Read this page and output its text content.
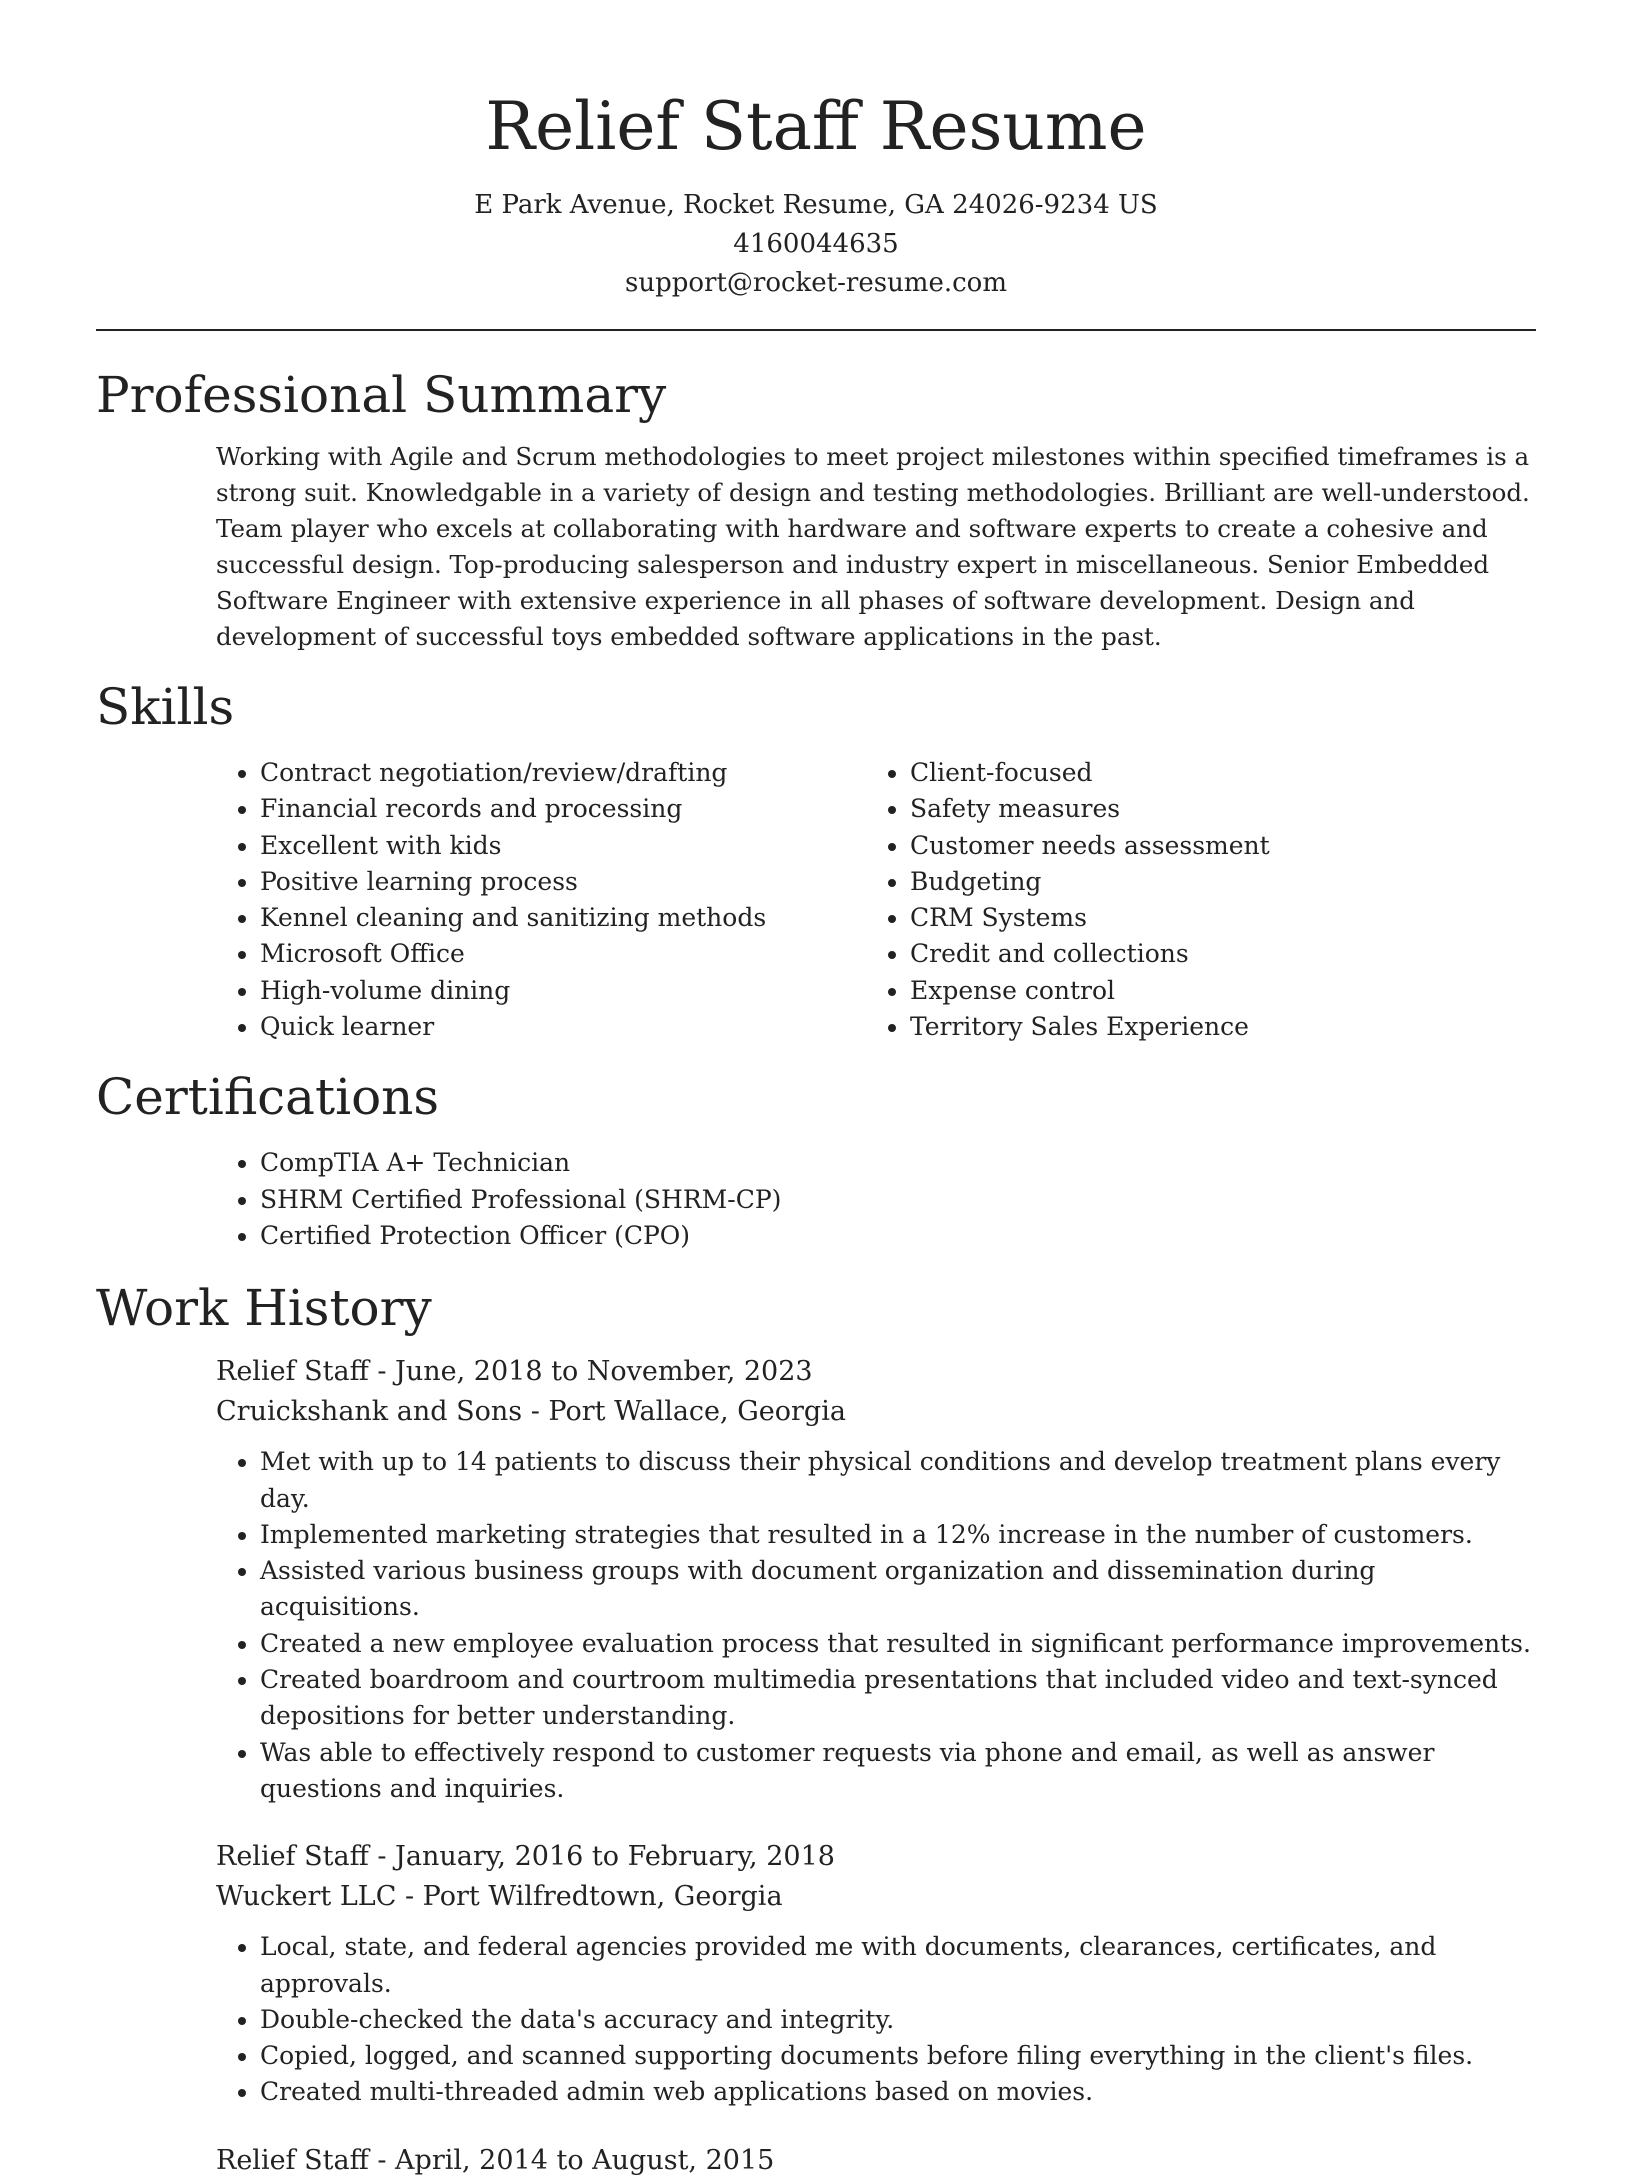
Relief Staff Resume
E Park Avenue, Rocket Resume, GA 24026-9234 US
4160044635
support@rocket-resume.com
Professional Summary

Working with Agile and Scrum methodologies to meet project milestones within specified timeframes is a strong suit. Knowledgable in a variety of design and testing methodologies. Brilliant are well-understood. Team player who excels at collaborating with hardware and software experts to create a cohesive and successful design. Top-producing salesperson and industry expert in miscellaneous. Senior Embedded Software Engineer with extensive experience in all phases of software development. Design and development of successful toys embedded software applications in the past.

Skills
• Contract negotiation/review/drafting
• Financial records and processing
• Excellent with kids
• Positive learning process
• Kennel cleaning and sanitizing methods
• Microsoft Office
• High-volume dining
• Quick learner
• Client-focused
• Safety measures
• Customer needs assessment
• Budgeting
• CRM Systems
• Credit and collections
• Expense control
• Territory Sales Experience
Certifications
• CompTIA A+ Technician
• SHRM Certified Professional (SHRM-CP)
• Certified Protection Officer (CPO)
Work History
Relief Staff - June, 2018 to November, 2023
Cruickshank and Sons - Port Wallace, Georgia
• Met with up to 14 patients to discuss their physical conditions and develop treatment plans every day.
• Implemented marketing strategies that resulted in a 12% increase in the number of customers.
• Assisted various business groups with document organization and dissemination during acquisitions.
• Created a new employee evaluation process that resulted in significant performance improvements.
• Created boardroom and courtroom multimedia presentations that included video and text-synced depositions for better understanding.
• Was able to effectively respond to customer requests via phone and email, as well as answer questions and inquiries.
Relief Staff - January, 2016 to February, 2018
Wuckert LLC - Port Wilfredtown, Georgia
• Local, state, and federal agencies provided me with documents, clearances, certificates, and approvals.
• Double-checked the data's accuracy and integrity.
• Copied, logged, and scanned supporting documents before filing everything in the client's files.
• Created multi-threaded admin web applications based on movies.
Relief Staff - April, 2014 to August, 2015
